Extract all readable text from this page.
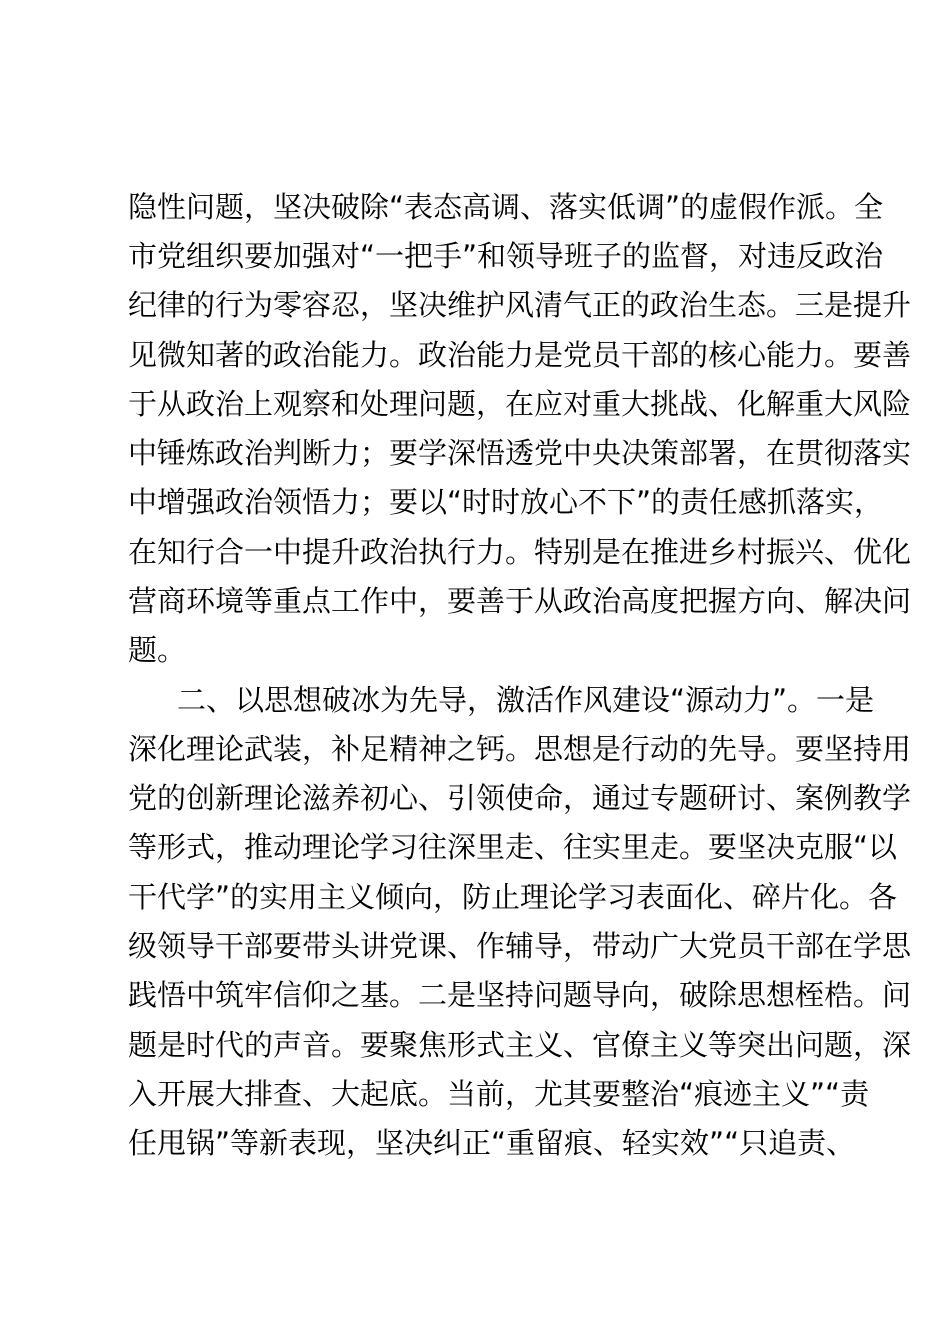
隐性问题，坚决破除“表态高调、落实低调”的虚假作派。全
市党组织要加强对“一把手”和领导班子的监督，对违反政治
纪律的行为零容忍，坚决维护风清气正的政治生态。三是提升
见微知著的政治能力。政治能力是党员干部的核心能力。要善
于从政治上观察和处理问题，在应对重大挑战、化解重大风险
中锤炼政治判断力；要学深悟透党中央决策部署，在贯彻落实
中增强政治领悟力；要以“时时放心不下”的责任感抓落实，
在知行合一中提升政治执行力。特别是在推进乡村振兴、优化
营商环境等重点工作中，要善于从政治高度把握方向、解决问
题。
二、以思想破冰为先导，激活作风建设“源动力”。一是
深化理论武装，补足精神之钙。思想是行动的先导。要坚持用
党的创新理论滋养初心、引领使命，通过专题研讨、案例教学
等形式，推动理论学习往深里走、往实里走。要坚决克服“以
干代学”的实用主义倾向，防止理论学习表面化、碎片化。各
级领导干部要带头讲党课、作辅导，带动广大党员干部在学思
践悟中筑牢信仰之基。二是坚持问题导向，破除思想桎梏。问
题是时代的声音。要聚焦形式主义、官僚主义等突出问题，深
入开展大排查、大起底。当前，尤其要整治“痕迹主义”“责
任甩锅”等新表现，坚决纠正“重留痕、轻实效”“只追责、
